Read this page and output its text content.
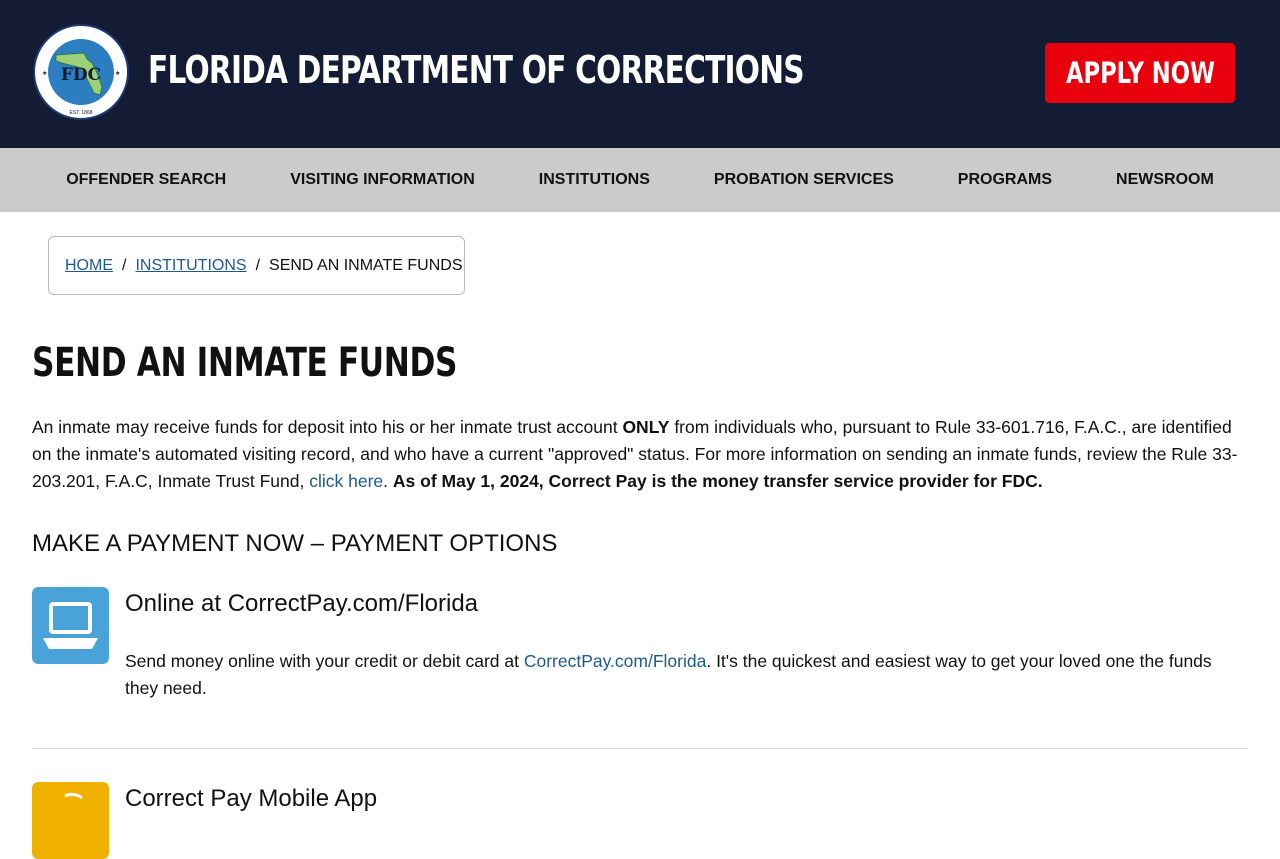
FDC
EST. 1868
★	★ FLORIDA DEPARTMENT OF CORRECTIONS	APPLY NOW
OFFENDER SEARCH	VISITING INFORMATION	INSTITUTIONS	PROBATION SERVICES	PROGRAMS	NEWSROOM
HOME / INSTITUTIONS / SEND AN INMATE FUNDS
SEND AN INMATE FUNDS

An inmate may receive funds for deposit into his or her inmate trust account ONLY from individuals who, pursuant to Rule 33-601.716, F.A.C., are identified on the inmate's automated visiting record, and who have a current "approved" status. For more information on sending an inmate funds, review the Rule 33-203.201, F.A.C, Inmate Trust Fund, click here. As of May 1, 2024, Correct Pay is the money transfer service provider for FDC.

MAKE A PAYMENT NOW – PAYMENT OPTIONS
Online at CorrectPay.com/Florida

Send money online with your credit or debit card at CorrectPay.com/Florida. It's the quickest and easiest way to get your loved one the funds they need.

Correct Pay Mobile App
